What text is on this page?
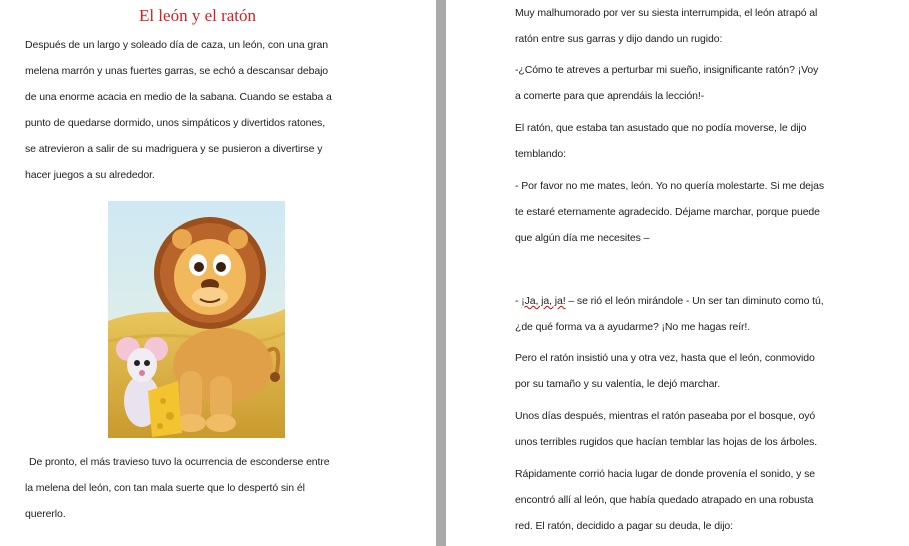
El león y el ratón
Después de un largo y soleado día de caza, un león, con una gran
melena marrón y unas fuertes garras, se echó a descansar debajo
de una enorme acacia en medio de la sabana. Cuando se estaba a
punto de quedarse dormido, unos simpáticos y divertidos ratones,
se atrevieron a salir de su madriguera y se pusieron a divertirse y
hacer juegos a su alrededor.
De pronto, el más travieso tuvo la ocurrencia de esconderse entre
la melena del león, con tan mala suerte que lo despertó sin él
quererlo.
Muy malhumorado por ver su siesta interrumpida, el león atrapó al
ratón entre sus garras y dijo dando un rugido:
-¿Cómo te atreves a perturbar mi sueño, insignificante ratón? ¡Voy
a comerte para que aprendáis la lección!-
El ratón, que estaba tan asustado que no podía moverse, le dijo
temblando:
- Por favor no me mates, león. Yo no quería molestarte. Si me dejas
te estaré eternamente agradecido. Déjame marchar, porque puede
que algún día me necesites –
- ¡Ja, ja, ja! – se rió el león mirándole - Un ser tan diminuto como tú,
¿de qué forma va a ayudarme? ¡No me hagas reír!.
Pero el ratón insistió una y otra vez, hasta que el león, conmovido
por su tamaño y su valentía, le dejó marchar.
Unos días después, mientras el ratón paseaba por el bosque, oyó
unos terribles rugidos que hacían temblar las hojas de los árboles.
Rápidamente corrió hacia lugar de donde provenía el sonido, y se
encontró allí al león, que había quedado atrapado en una robusta
red. El ratón, decidido a pagar su deuda, le dijo:
